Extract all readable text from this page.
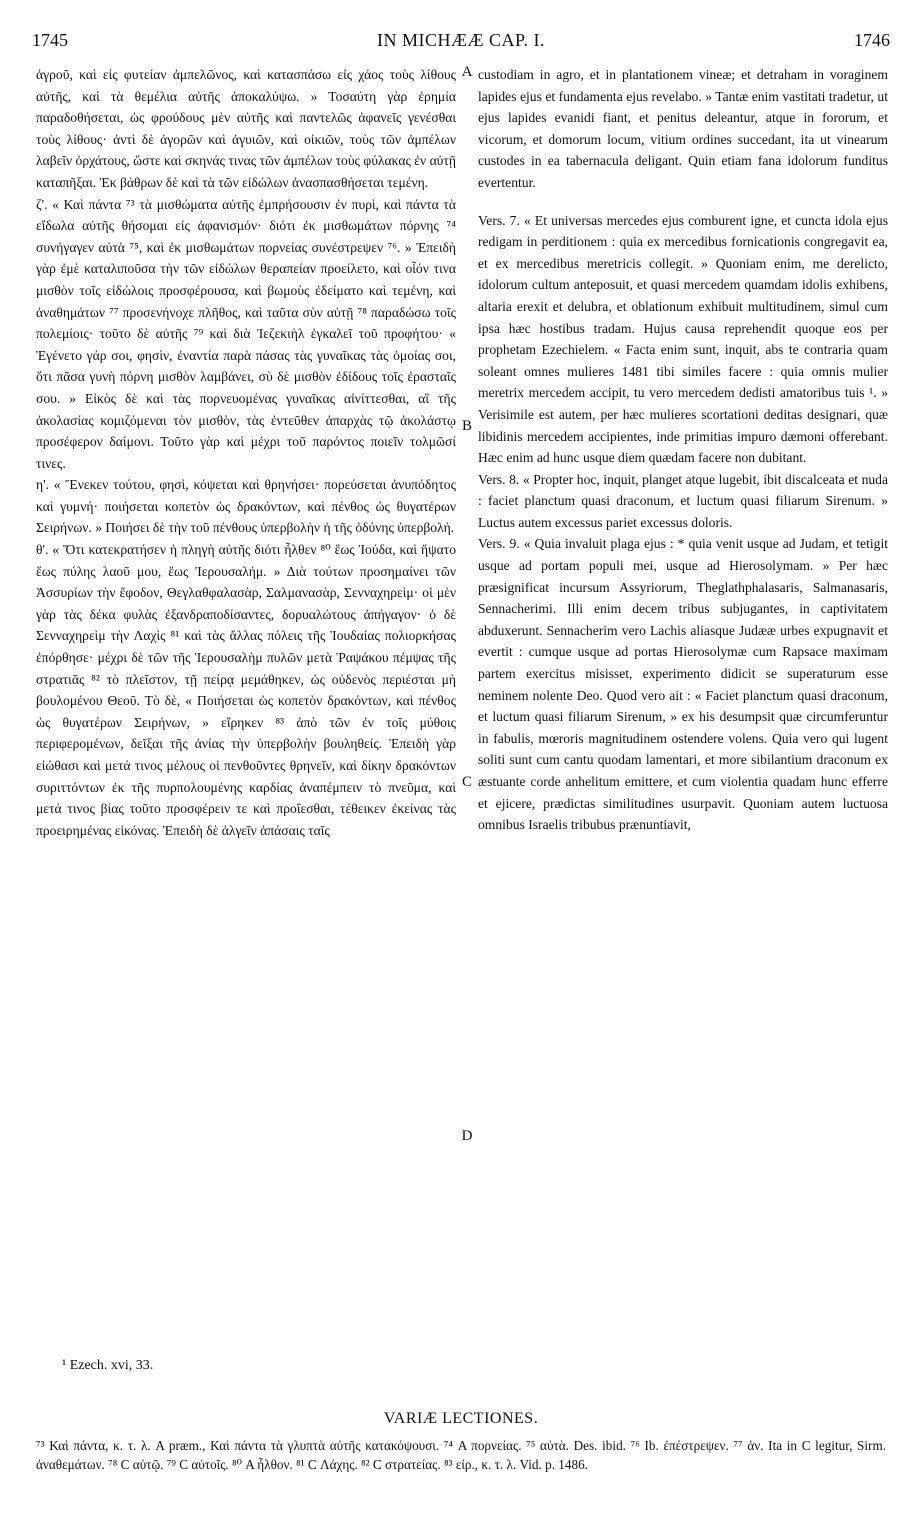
1745	IN MICHÆÆ CAP. I.	1746

ἀγροῦ, καὶ εἰς φυτείαν ἀμπελῶνος, καὶ κατασπάσω εἰς χάος τοὺς λίθους αὐτῆς, καὶ τὰ θεμέλια αὐτῆς ἀποκαλύψω. » Τοσαύτη γὰρ ἐρημία παραδοθήσεται, ὡς φρούδους μὲν αὐτῆς καὶ παντελῶς ἀφανεῖς γενέσθαι τοὺς λίθους· ἀντὶ δὲ ἀγορῶν καὶ ἀγυιῶν, καὶ οἰκιῶν, τοὺς τῶν ἀμπέλων λαβεῖν ὀρχάτους, ὥστε καὶ σκηνάς τινας τῶν ἀμπέλων τοὺς φύλακας ἐν αὐτῇ καταπῆξαι. Ἐκ βάθρων δὲ καὶ τὰ τῶν εἰδώλων ἀνασπασθήσεται τεμένη.

ζ'. « Καὶ πάντα ⁷³ τὰ μισθώματα αὐτῆς ἐμπρήσουσιν ἐν πυρὶ, καὶ πάντα τὰ εἴδωλα αὐτῆς θήσομαι εἰς ἀφανισμόν· διότι ἐκ μισθωμάτων πόρνης ⁷⁴ συνήγαγεν αὐτὰ ⁷⁵, καὶ ἐκ μισθωμάτων πορνείας συνέστρεψεν ⁷⁶. » Ἐπειδὴ γὰρ ἐμὲ καταλιποῦσα τὴν τῶν εἰδώλων θεραπείαν προείλετο, καὶ οἷόν τινα μισθὸν τοῖς εἰδώλοις προσφέρουσα, καὶ βωμοὺς ἐδείματο καὶ τεμένη, καὶ ἀναθημάτων ⁷⁷ προσενήνοχε πλῆθος, καὶ ταῦτα σὺν αὐτῇ ⁷⁸ παραδώσω τοῖς πολεμίοις· τοῦτο δὲ αὐτῆς ⁷⁹ καὶ διὰ Ἰεζεκιὴλ ἐγκαλεῖ τοῦ προφήτου· « Ἐγένετο γάρ σοι, φησὶν, ἐναντία παρὰ πάσας τὰς γυναῖκας τὰς ὁμοίας σοι, ὅτι πᾶσα γυνὴ πόρνη μισθὸν λαμβάνει, σὺ δὲ μισθὸν ἐδίδους τοῖς ἐρασταῖς σου. » Εἰκὸς δὲ καὶ τὰς πορνευομένας γυναῖκας αἰνίττεσθαι, αἳ τῆς ἀκολασίας κομιζόμεναι τὸν μισθὸν, τὰς ἐντεῦθεν ἀπαρχὰς τῷ ἀκολάστῳ προσέφερον δαίμονι. Τοῦτο γὰρ καὶ μέχρι τοῦ παρόντος ποιεῖν τολμῶσί τινες.

η'. « Ἕνεκεν τούτου, φησὶ, κόψεται καὶ θρηνήσει· πορεύσεται ἀνυπόδητος καὶ γυμνή· ποιήσεται κοπετὸν ὡς δρακόντων, καὶ πένθος ὡς θυγατέρων Σειρήνων. » Ποιήσει δὲ τὴν τοῦ πένθους ὑπερβολὴν ἡ τῆς ὀδύνης ὑπερβολή.

θ'. « Ὅτι κατεκρατήσεν ἡ πληγὴ αὐτῆς διότι ἦλθεν ⁸⁰ ἕως Ἰούδα, καὶ ἥψατο ἕως πύλης λαοῦ μου, ἕως Ἱερουσαλήμ. » Διὰ τούτων προσημαίνει τῶν Ἀσσυρίων τὴν ἔφοδον, Θεγλαθφαλασὰρ, Σαλμανασὰρ, Σενναχηρεὶμ· οἱ μὲν γὰρ τὰς δέκα φυλὰς ἐξανδραποδίσαντες, δορυαλώτους ἀπήγαγον· ὁ δὲ Σενναχηρεὶμ τὴν Λαχὶς ⁸¹ καὶ τὰς ἄλλας πόλεις τῆς Ἰουδαίας πολιορκήσας ἐπόρθησε· μέχρι δὲ τῶν τῆς Ἱερουσαλὴμ πυλῶν μετὰ Ῥαψάκου πέμψας τῆς στρατιᾶς ⁸² τὸ πλεῖστον, τῇ πείρᾳ μεμάθηκεν, ὡς οὐδενὸς περιέσται μὴ βουλομένου Θεοῦ. Τὸ δὲ, « Ποιήσεται ὡς κοπετὸν δρακόντων, καὶ πένθος ὡς θυγατέρων Σειρήνων, » εἴρηκεν ⁸³ ἀπὸ τῶν ἐν τοῖς μύθοις περιφερομένων, δεῖξαι τῆς ἀνίας τὴν ὑπερβολὴν βουληθείς. Ἐπειδὴ γὰρ εἰώθασι καὶ μετά τινος μέλους οἱ πενθοῦντες θρηνεῖν, καὶ δίκην δρακόντων συριττόντων ἐκ τῆς πυρπολουμένης καρδίας ἀναπέμπειν τὸ πνεῦμα, καὶ μετά τινος βίας τοῦτο προσφέρειν τε καὶ προΐεσθαι, τέθεικεν ἐκείνας τὰς προειρημένας εἰκόνας. Ἐπειδὴ δὲ ἀλγεῖν ἁπάσαις ταῖς

A
B
C
D

custodiam in agro, et in plantationem vineæ; et detraham in voraginem lapides ejus et fundamenta ejus revelabo. » Tantæ enim vastitati tradetur, ut ejus lapides evanidi fiant, et penitus deleantur, atque in fororum, et vicorum, et domorum locum, vitium ordines succedant, ita ut vinearum custodes in ea tabernacula deligant. Quin etiam fana idolorum funditus evertentur.

Vers. 7. « Et universas mercedes ejus comburent igne, et cuncta idola ejus redigam in perditionem : quia ex mercedibus fornicationis congregavit ea, et ex mercedibus meretricis collegit. » Quoniam enim, me derelicto, idolorum cultum anteposuit, et quasi mercedem quamdam idolis exhibens, altaria erexit et delubra, et oblationum exhibuit multitudinem, simul cum ipsa hæc hostibus tradam. Hujus causa reprehendit quoque eos per prophetam Ezechielem. « Facta enim sunt, inquit, abs te contraria quam soleant omnes mulieres 1481 tibi similes facere : quia omnis mulier meretrix mercedem accipit, tu vero mercedem dedisti amatoribus tuis ¹. » Verisimile est autem, per hæc mulieres scortationi deditas designari, quæ libidinis mercedem accipientes, inde primitias impuro dæmoni offerebant. Hæc enim ad hunc usque diem quædam facere non dubitant.

Vers. 8. « Propter hoc, inquit, planget atque lugebit, ibit discalceata et nuda : faciet planctum quasi draconum, et luctum quasi filiarum Sirenum. » Luctus autem excessus pariet excessus doloris.

Vers. 9. « Quia invaluit plaga ejus : * quia venit usque ad Judam, et tetigit usque ad portam populi mei, usque ad Hierosolymam. » Per hæc præsignificat incursum Assyriorum, Theglathphalasaris, Salmanasaris, Sennacherimi. Illi enim decem tribus subjugantes, in captivitatem abduxerunt. Sennacherim vero Lachis aliasque Judææ urbes expugnavit et evertit : cumque usque ad portas Hierosolymæ cum Rapsace maximam partem exercitus misisset, experimento didicit se superaturum esse neminem nolente Deo. Quod vero ait : « Faciet planctum quasi draconum, et luctum quasi filiarum Sirenum, » ex his desumpsit quæ circumferuntur in fabulis, mœroris magnitudinem ostendere volens. Quia vero qui lugent soliti sunt cum cantu quodam lamentari, et more sibilantium draconum ex æstuante corde anhelitum emittere, et cum violentia quadam hunc efferre et ejicere, prædictas similitudines usurpavit. Quoniam autem luctuosa omnibus Israelis tribubus prænuntiavit,

¹ Ezech. xvi, 33.
VARIÆ LECTIONES.
⁷³ Καὶ πάντα, κ. τ. λ. A præm., Καὶ πάντα τὰ γλυπτὰ αὐτῆς κατακόψουσι. ⁷⁴ A πορνείας. ⁷⁵ αὐτὰ. Des. ibid. ⁷⁶ Ib. ἐπέστρεψεν. ⁷⁷ ἀν. Ita in C legitur, Sirm. ἀναθεμάτων. ⁷⁸ C αὐτῷ. ⁷⁹ C αὐτοῖς. ⁸⁰ A ἦλθον. ⁸¹ C Λάχης. ⁸² C στρατείας. ⁸³ εἰρ., κ. τ. λ. Vid. p. 1486.
